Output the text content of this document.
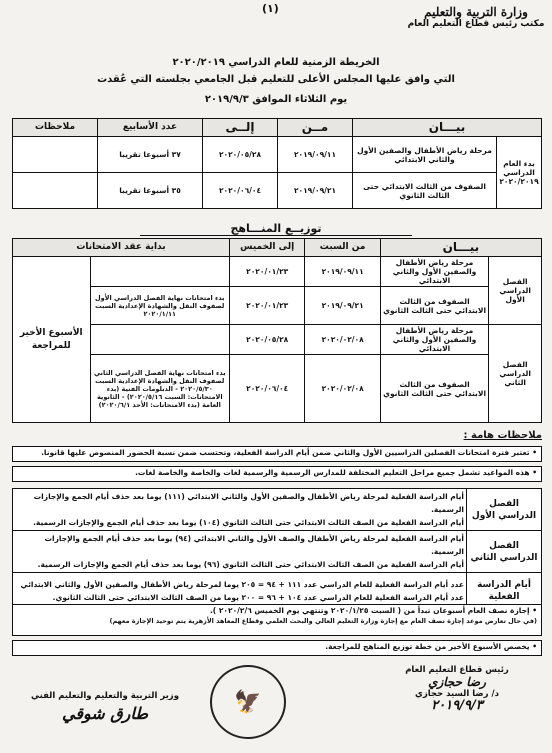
(١)	وزارة التربية والتعليم
مكتب رئيس قطاع التعليم العام
الخريطة الزمنية للعام الدراسي ٢٠٢٠/٢٠١٩
التي وافق عليها المجلس الأعلى للتعليم قبل الجامعي بجلسته التي عُقدت
يوم الثلاثاء الموافق ٢٠١٩/٩/٣
بيـــان		مــن	إلــى	عدد الأسابيع	ملاحظات
بدء العام الدراسي ٢٠٢٠/٢٠١٩	مرحلة رياض الأطفال والصفين الأول والثاني الابتدائي	٢٠١٩/٠٩/١١	٢٠٢٠/٠٥/٢٨	٣٧ أسبوعا تقريبا	
	الصفوف من الثالث الابتدائي حتى الثالث الثانوي	٢٠١٩/٠٩/٢١	٢٠٢٠/٠٦/٠٤	٣٥ أسبوعا تقريبا	
توزيــع المنـــاهج
بيـــان		من السبت	إلى الخميس	بداية عقد الامتحانات	
الفصل الدراسي الأول	مرحلة رياض الأطفال والصفين الأول والثاني الابتدائي	٢٠١٩/٠٩/١١	٢٠٢٠/٠١/٢٣		الأسبوع الأخير للمراجعة
	الصفوف من الثالث الابتدائي حتى الثالث الثانوي	٢٠١٩/٠٩/٢١	٢٠٢٠/٠١/٢٣	بدء امتحانات نهاية الفصل الدراسي الأول لصفوف النقل والشهادة الإعدادية السبت ٢٠٢٠/١/١١	
الفصل الدراسي الثاني	مرحلة رياض الأطفال والصفين الأول والثاني الابتدائي	٢٠٢٠/٠٢/٠٨	٢٠٢٠/٠٥/٢٨		
	الصفوف من الثالث الابتدائي حتى الثالث الثانوي	٢٠٢٠/٠٢/٠٨	٢٠٢٠/٠٦/٠٤	بدء امتحانات نهاية الفصل الدراسي الثاني لصفوف النقل والشهادة الإعدادية السبت ٢٠٢٠/٥/٣٠ - الدبلومات الفنية (بدء الامتحانات: السبت ٢٠٢٠/٥/١٦) - الثانوية العامة (بدء الامتحانات: الأحد ٢٠٢٠/٦/١)	
ملاحظات هامة :
• تعتبر فترة امتحانات الفصلين الدراسيين الأول والثاني ضمن أيام الدراسة الفعلية، وتحتسب ضمن نسبة الحضور المنصوص عليها قانونا.
• هذه المواعيد تشمل جميع مراحل التعليم المختلفة للمدارس الرسمية والرسمية لغات والخاصة والخاصة لغات.
الفصل الدراسي الأول	أيام الدراسة الفعلية لمرحلة رياض الأطفال والصفين الأول والثاني الابتدائي (١١١) يوما بعد حذف أيام الجمع والإجازات الرسمية.
أيام الدراسة الفعلية من الصف الثالث الابتدائي حتى الثالث الثانوي (١٠٤) يوما بعد حذف أيام الجمع والإجازات الرسمية.

الفصل الدراسي الثاني	أيام الدراسة الفعلية لمرحلة رياض الأطفال والصف الأول والثاني الابتدائي (٩٤) يوما بعد حذف أيام الجمع والإجازات الرسمية.
أيام الدراسة الفعلية من الصف الثالث الابتدائي حتى الثالث الثانوي (٩٦) يوما بعد حذف أيام الجمع والإجازات الرسمية.

أيام الدراسة الفعلية	عدد أيام الدراسة الفعلية للعام الدراسي عدد ١١١ + ٩٤ = ٢٠٥ يوما لمرحلة رياض الأطفال والصفين الأول والثاني الابتدائي
عدد أيام الدراسة الفعلية للعام الدراسي عدد ١٠٤ + ٩٦ = ٢٠٠ يوما من الصف الثالث الابتدائي حتى الثالث الثانوي.
• إجازة نصف العام أسبوعان تبدأ من ( السبت ٢٠٢٠/١/٢٥ وتنتهي يوم الخميس ٢٠٢٠/٢/٦ ).
(في حال تعارض موعد إجازة نصف العام مع إجازة وزارة التعليم العالي والبحث العلمي وقطاع المعاهد الأزهرية يتم توحيد الإجازة معهم)
• يخصص الأسبوع الأخير من خطة توزيع المناهج للمراجعة.
رئيس قطاع التعليم العام
رضا حجازي
د/ رضا السيد حجازي
٢٠١٩/٩/٣
🦅
وزير التربية والتعليم والتعليم الفني
طارق شوقي
